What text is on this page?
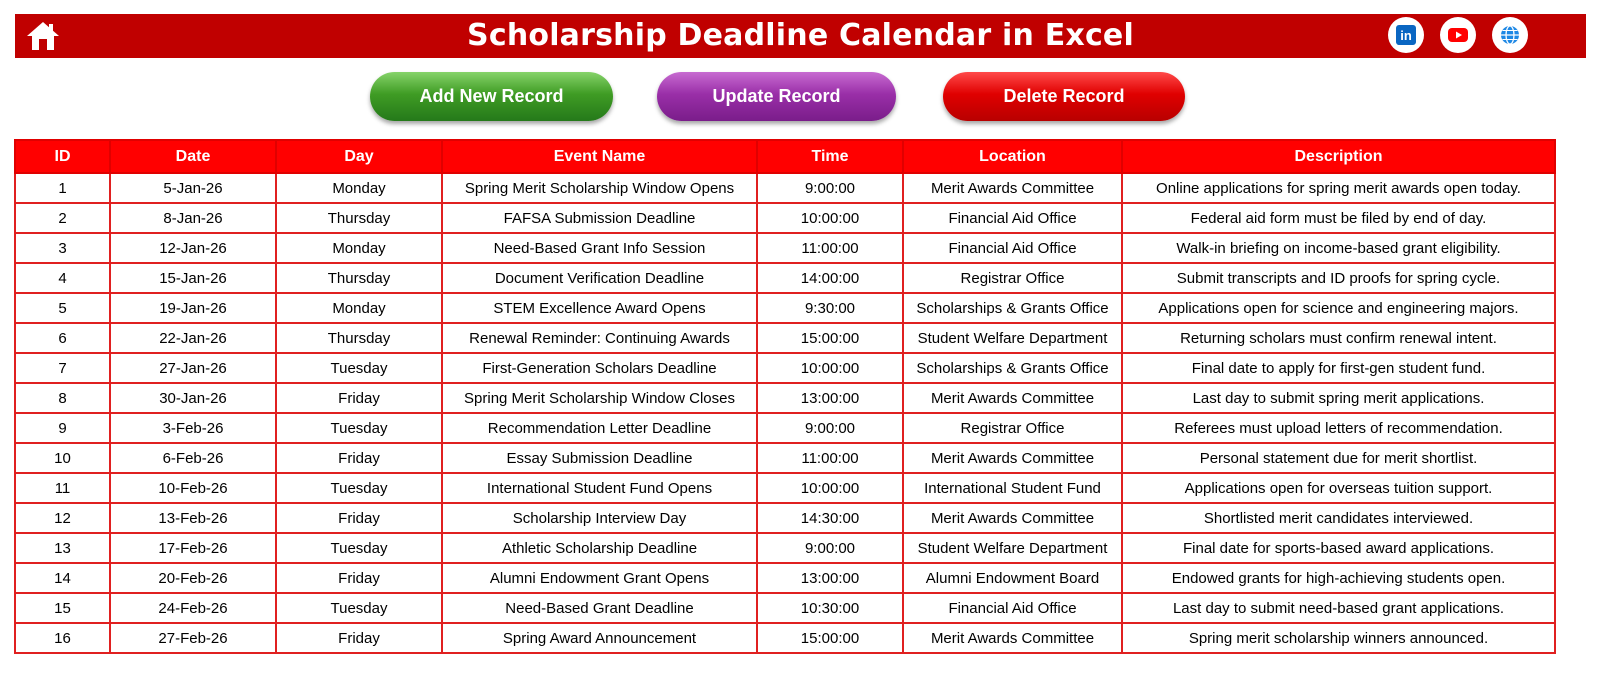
Scholarship Deadline Calendar in Excel	in
Add New Record	Update Record	Delete Record
ID	Date	Day	Event Name	Time	Location	Description
1	5-Jan-26	Monday	Spring Merit Scholarship Window Opens	9:00:00	Merit Awards Committee	Online applications for spring merit awards open today.
2	8-Jan-26	Thursday	FAFSA Submission Deadline	10:00:00	Financial Aid Office	Federal aid form must be filed by end of day.
3	12-Jan-26	Monday	Need-Based Grant Info Session	11:00:00	Financial Aid Office	Walk-in briefing on income-based grant eligibility.
4	15-Jan-26	Thursday	Document Verification Deadline	14:00:00	Registrar Office	Submit transcripts and ID proofs for spring cycle.
5	19-Jan-26	Monday	STEM Excellence Award Opens	9:30:00	Scholarships & Grants Office	Applications open for science and engineering majors.
6	22-Jan-26	Thursday	Renewal Reminder: Continuing Awards	15:00:00	Student Welfare Department	Returning scholars must confirm renewal intent.
7	27-Jan-26	Tuesday	First-Generation Scholars Deadline	10:00:00	Scholarships & Grants Office	Final date to apply for first-gen student fund.
8	30-Jan-26	Friday	Spring Merit Scholarship Window Closes	13:00:00	Merit Awards Committee	Last day to submit spring merit applications.
9	3-Feb-26	Tuesday	Recommendation Letter Deadline	9:00:00	Registrar Office	Referees must upload letters of recommendation.
10	6-Feb-26	Friday	Essay Submission Deadline	11:00:00	Merit Awards Committee	Personal statement due for merit shortlist.
11	10-Feb-26	Tuesday	International Student Fund Opens	10:00:00	International Student Fund	Applications open for overseas tuition support.
12	13-Feb-26	Friday	Scholarship Interview Day	14:30:00	Merit Awards Committee	Shortlisted merit candidates interviewed.
13	17-Feb-26	Tuesday	Athletic Scholarship Deadline	9:00:00	Student Welfare Department	Final date for sports-based award applications.
14	20-Feb-26	Friday	Alumni Endowment Grant Opens	13:00:00	Alumni Endowment Board	Endowed grants for high-achieving students open.
15	24-Feb-26	Tuesday	Need-Based Grant Deadline	10:30:00	Financial Aid Office	Last day to submit need-based grant applications.
16	27-Feb-26	Friday	Spring Award Announcement	15:00:00	Merit Awards Committee	Spring merit scholarship winners announced.
